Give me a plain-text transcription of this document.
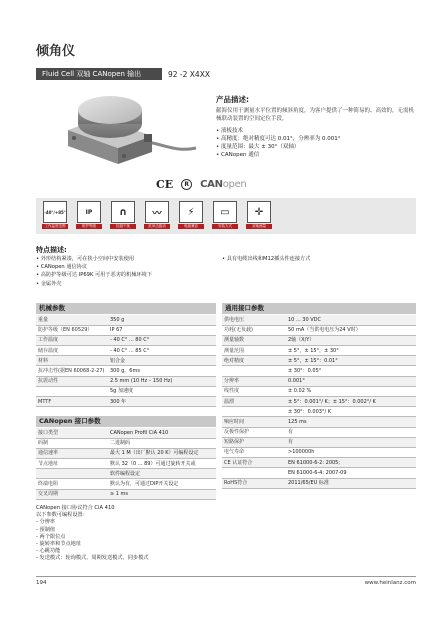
倾角仪
Fluid Cell 双轴 CANopen 输出	92 -2 X4XX
产品描述:
献海仪用于测量水平位置的倾斜角度，为客户提供了一种简易的、高效的，无需机械联动装置的空间定位手段。
• 液板技术
• 高精度：绝对精度可达 0.01°，分辨率为 0.001°
• 度量范围：最大 ± 30°（双轴）
• CANopen 通信
CE	R	CANopen
-40°/+85°
工作温度范围
IP
防护等级
∩
抗磁干扰
〰
抗冲击振动
⚡
电磁兼容
▭
安装方式
✛
双轴测量
特点描述:
• 外形结构紧凑，可在狭小空间中安装使用
• CANopen 通信协议
• 高防护等级可达 IP69K 可用于恶劣的机械环境下
• 金属外壳
• 具有电缆出线和M12插头件连接方式
机械参数
重量	350 g
防护等级（EN 60529）	IP 67
工作温度	- 40 C° ... 80 C°
储存温度	- 40 C° ... 85 C°
材料	铝合金
抗冲击性(据EN 60068-2-27)	300 g，6ms
抗震动性	2.5 mm (10 Hz – 150 Hz)
	5g 加速度
MTTF	300 年
CANopen 接口参数
接口类型	CANopen Profil CiA 410
码制	二进制码
通信速率	最大 1 M（出厂默认 20 K）可编程设定
节点地址	默认 32（0 ... 89）可通过旋转开关或
	软件编程设定
终端电阻	默认为有，可通过DIP开关设定
交叉周期	≥ 1 ms
通用接口参数
供电电压	10 ... 30 VDC
功耗(无负载)	50 mA（当供电电压为24 V时）
测量轴数	2轴（X/Y）
测量范围	± 5°，± 15°，± 30°
绝对精度	± 5°，± 15°：0.01°
	± 30°：0.05°
分辨率	0.001°
线性度	± 0.02 %
温漂	± 5°：0.001°/ K；± 15°：0.002°/ K
	± 30°：0.003°/ K
响应时间	125 ms
反极性保护	有
短路保护	有
电气寿命	>100000h
CE 认证符合	EN 61000-6-2: 2005;
	EN 61000-6-4: 2007-09
RoHS符合	2011/65/EU 标准
CANopen 接口协议符合 CiA 410
以下参数可编程设置：
- 分辨率
- 预制值
- 两个限位点
- 旋转率和节点地址
- 心跳功能
- 发送模式：轮询模式、周期发送模式、同步模式
194	www.heinlanz.com
